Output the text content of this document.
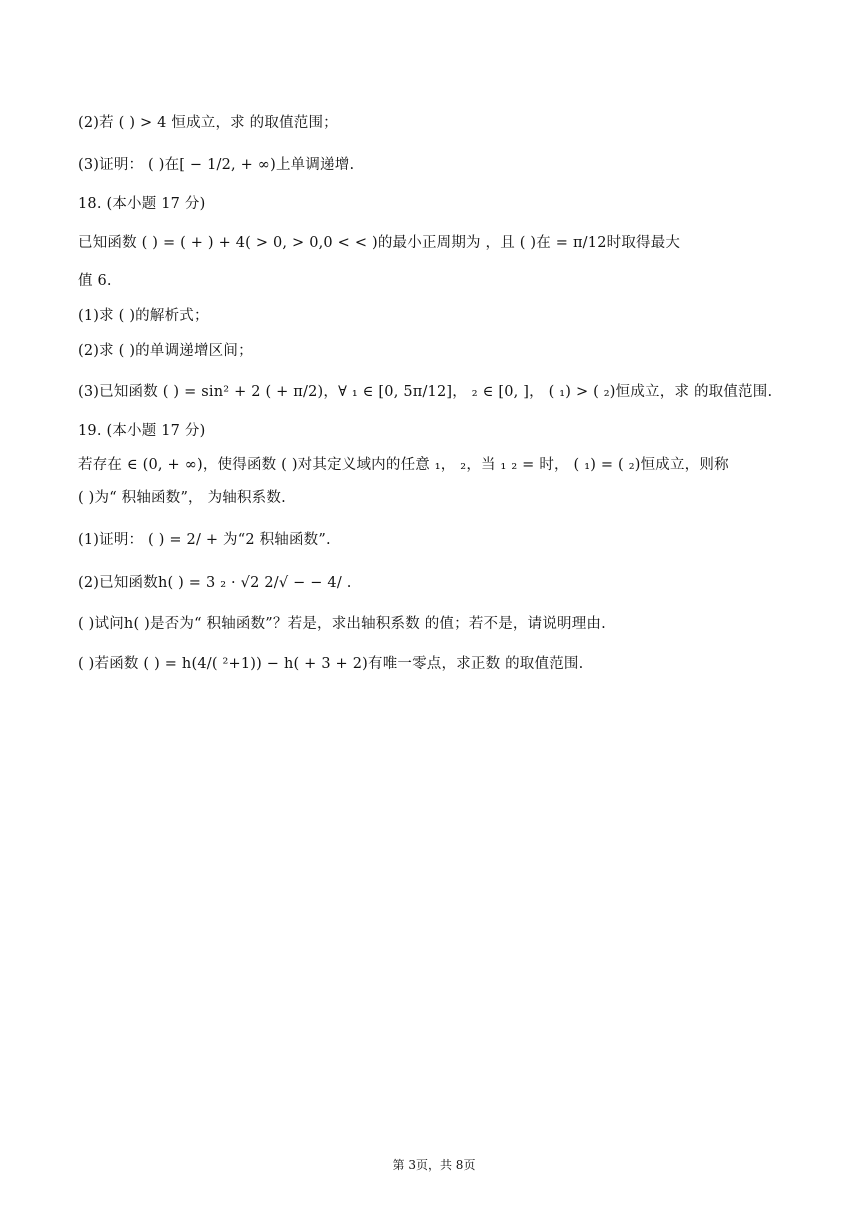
(2)若 ( ) > 4 恒成立，求 的取值范围；
(3)证明： ( )在[ − 1/2, + ∞)上单调递增.
18. (本小题 17 分)
已知函数 ( ) = ( + ) + 4( > 0, > 0,0 < < )的最小正周期为 ，且 ( )在 = π/12时取得最大
值 6.
(1)求 ( )的解析式；
(2)求 ( )的单调递增区间；
(3)已知函数 ( ) = sin² + 2 ( + π/2)，∀ ₁ ∈ [0, 5π/12]， ₂ ∈ [0, ]， ( ₁) > ( ₂)恒成立，求 的取值范围.
19. (本小题 17 分)
若存在 ∈ (0, + ∞)，使得函数 ( )对其定义域内的任意 ₁， ₂，当 ₁ ₂ = 时， ( ₁) = ( ₂)恒成立，则称
( )为“ 积轴函数”， 为轴积系数.
(1)证明： ( ) = 2/ + 为“2 积轴函数”.
(2)已知函数h( ) = 3 ₂ · √2 2/√ − − 4/ .
( )试问h( )是否为“ 积轴函数”？若是，求出轴积系数 的值；若不是，请说明理由.
( )若函数 ( ) = h(4/( ²+1)) − h( + 3 + 2)有唯一零点，求正数 的取值范围.
第 3页，共 8页
